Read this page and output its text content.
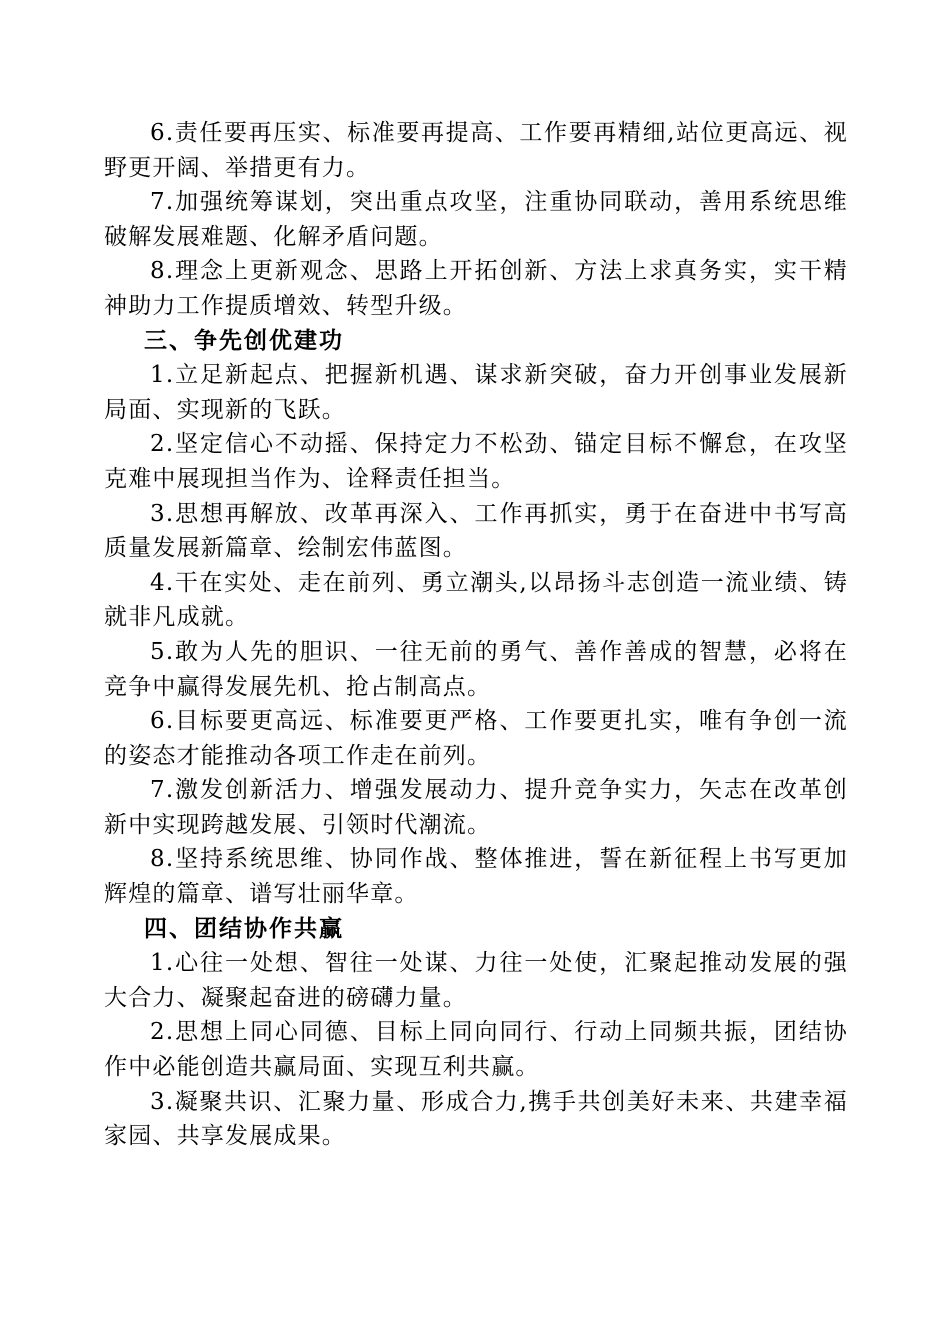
6.责任要再压实、标准要再提高、工作要再精细,站位更高远、视野更开阔、举措更有力。

7.加强统筹谋划，突出重点攻坚，注重协同联动，善用系统思维破解发展难题、化解矛盾问题。

8.理念上更新观念、思路上开拓创新、方法上求真务实，实干精神助力工作提质增效、转型升级。

三、争先创优建功

1.立足新起点、把握新机遇、谋求新突破，奋力开创事业发展新局面、实现新的飞跃。

2.坚定信心不动摇、保持定力不松劲、锚定目标不懈怠，在攻坚克难中展现担当作为、诠释责任担当。

3.思想再解放、改革再深入、工作再抓实，勇于在奋进中书写高质量发展新篇章、绘制宏伟蓝图。

4.干在实处、走在前列、勇立潮头,以昂扬斗志创造一流业绩、铸就非凡成就。

5.敢为人先的胆识、一往无前的勇气、善作善成的智慧，必将在竞争中赢得发展先机、抢占制高点。

6.目标要更高远、标准要更严格、工作要更扎实，唯有争创一流的姿态才能推动各项工作走在前列。

7.激发创新活力、增强发展动力、提升竞争实力，矢志在改革创新中实现跨越发展、引领时代潮流。

8.坚持系统思维、协同作战、整体推进，誓在新征程上书写更加辉煌的篇章、谱写壮丽华章。

四、团结协作共赢

1.心往一处想、智往一处谋、力往一处使，汇聚起推动发展的强大合力、凝聚起奋进的磅礴力量。

2.思想上同心同德、目标上同向同行、行动上同频共振，团结协作中必能创造共赢局面、实现互利共赢。

3.凝聚共识、汇聚力量、形成合力,携手共创美好未来、共建幸福家园、共享发展成果。
